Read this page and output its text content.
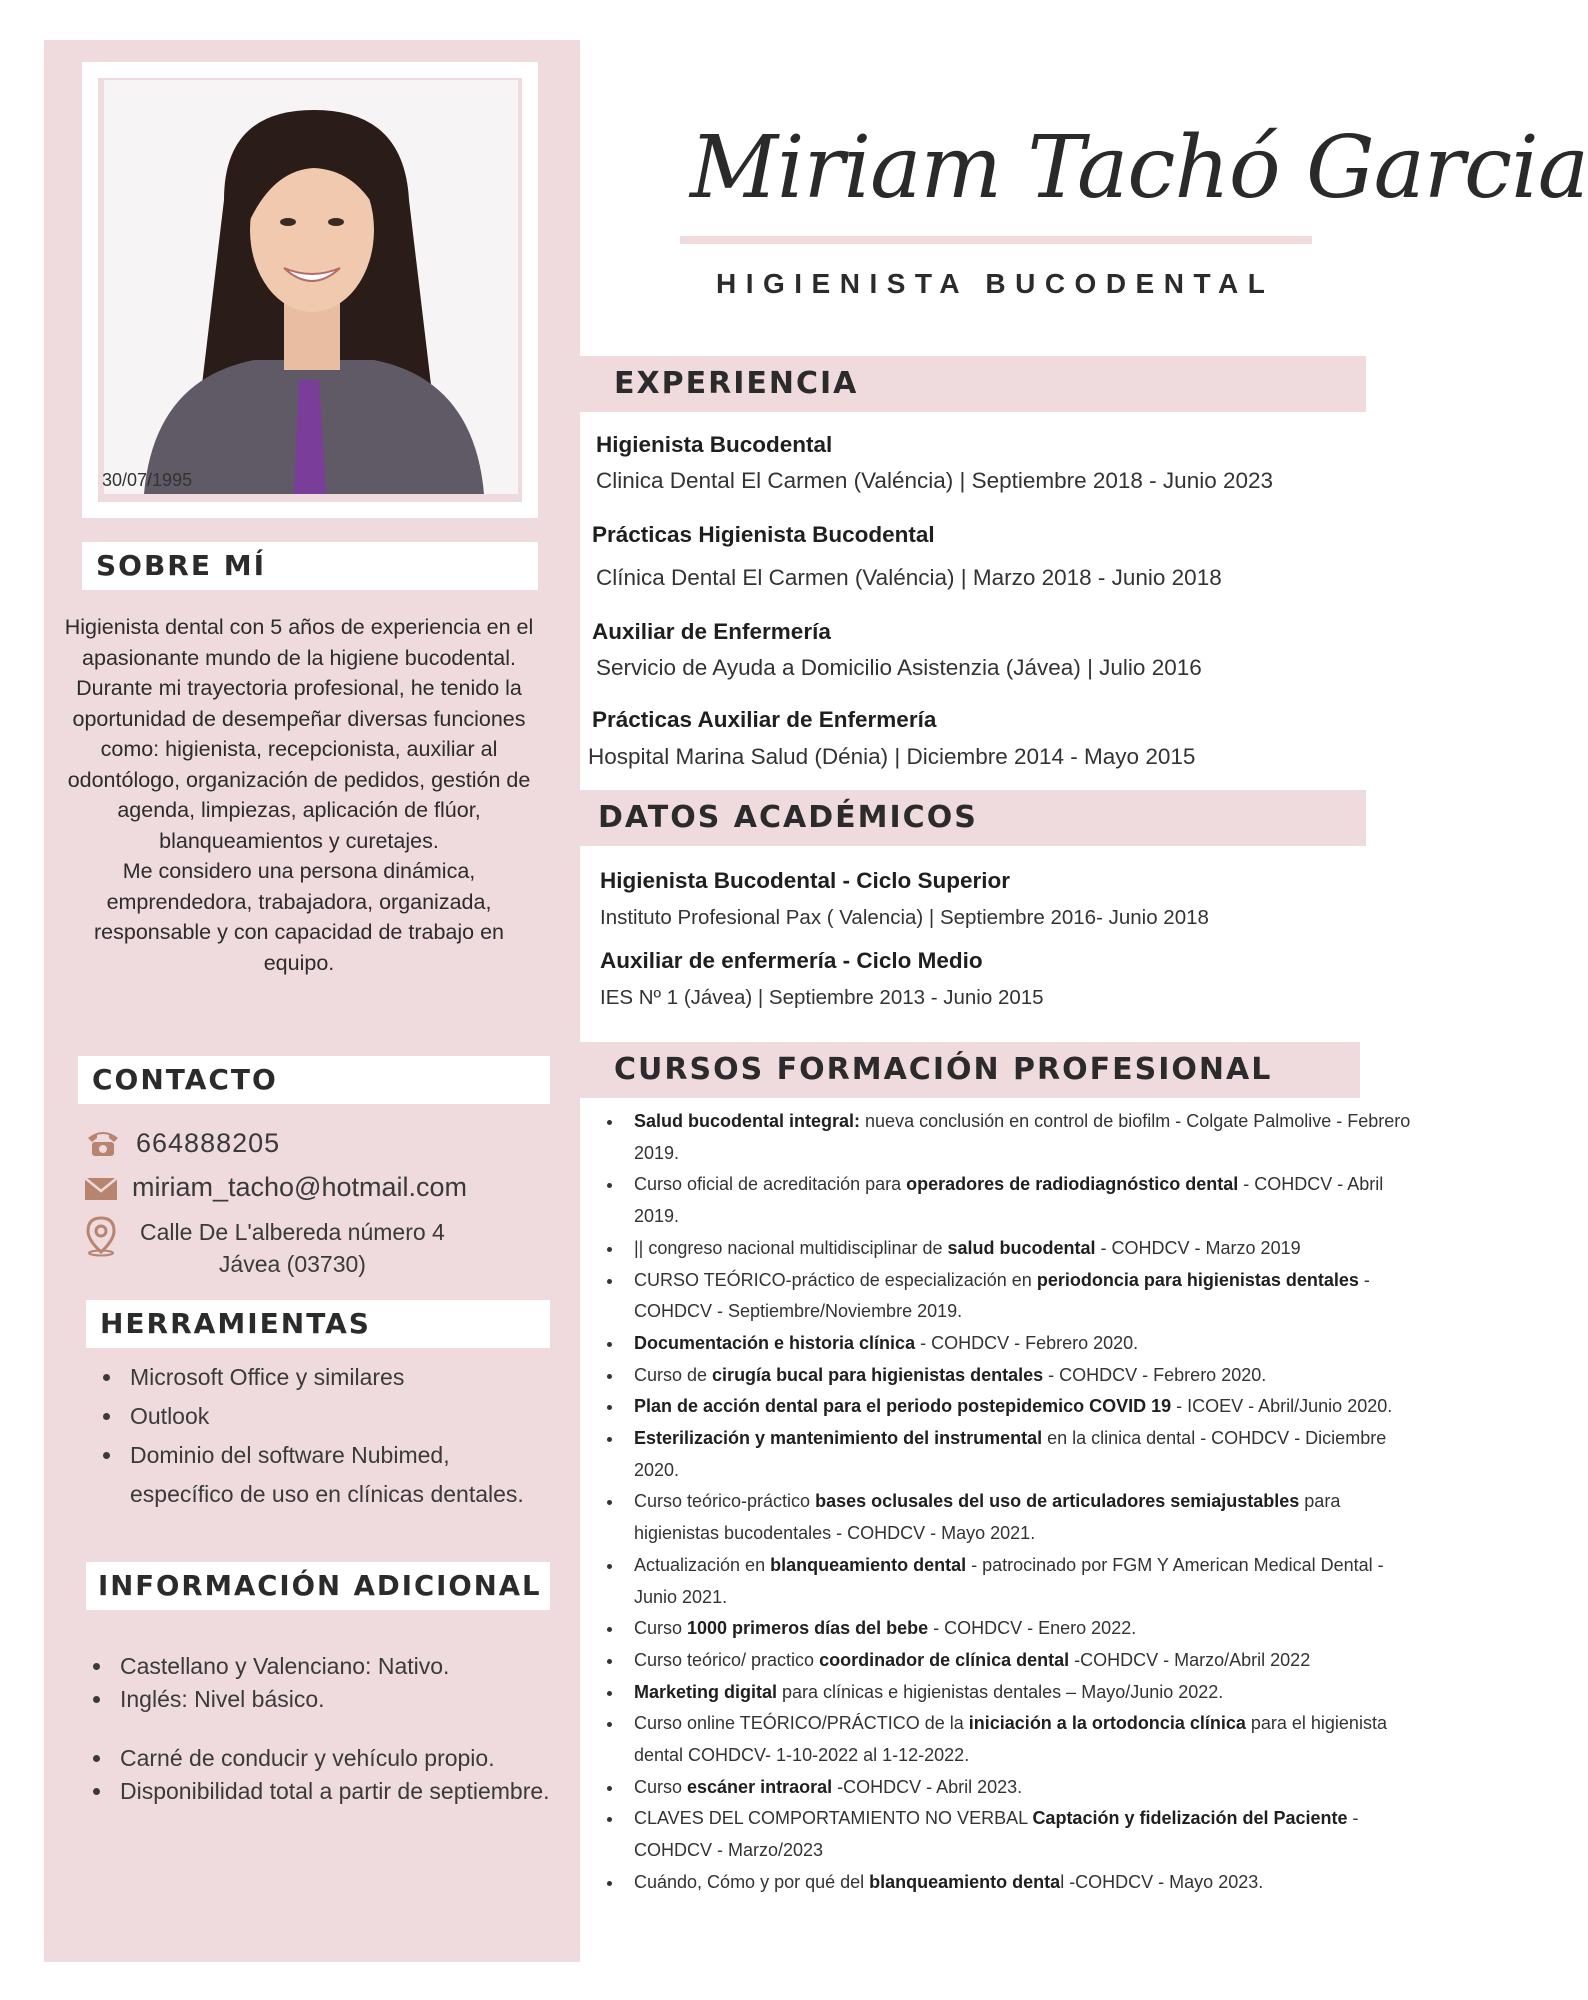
30/07/1995
SOBRE MÍ
Higienista dental con 5 años de experiencia en el apasionante mundo de la higiene bucodental.
Durante mi trayectoria profesional, he tenido la oportunidad de desempeñar diversas funciones como: higienista, recepcionista, auxiliar al odontólogo, organización de pedidos, gestión de agenda, limpiezas, aplicación de flúor, blanqueamientos y curetajes.
Me considero una persona dinámica, emprendedora, trabajadora, organizada, responsable y con capacidad de trabajo en equipo.
CONTACTO
664888205
miriam_tacho@hotmail.com
Calle De L'albereda número 4
Jávea (03730)
HERRAMIENTAS
• Microsoft Office y similares
• Outlook
• Dominio del software Nubimed, específico de uso en clínicas dentales.
INFORMACIÓN ADICIONAL
• Castellano y Valenciano: Nativo.
• Inglés: Nivel básico.
• Carné de conducir y vehículo propio.
• Disponibilidad total a partir de septiembre.
Miriam Tachó Garcia
HIGIENISTA BUCODENTAL
EXPERIENCIA
Higienista Bucodental
Clinica Dental El Carmen (Valéncia) | Septiembre 2018 - Junio 2023
Prácticas Higienista Bucodental
Clínica Dental El Carmen (Valéncia) | Marzo 2018 - Junio 2018
Auxiliar de Enfermería
Servicio de Ayuda a Domicilio Asistenzia (Jávea) | Julio 2016
Prácticas Auxiliar de Enfermería
Hospital Marina Salud (Dénia) | Diciembre 2014 - Mayo 2015
DATOS ACADÉMICOS
Higienista Bucodental - Ciclo Superior
Instituto Profesional Pax ( Valencia) | Septiembre 2016- Junio 2018
Auxiliar de enfermería - Ciclo Medio
IES Nº 1 (Jávea) | Septiembre 2013 - Junio 2015
CURSOS FORMACIÓN PROFESIONAL
• Salud bucodental integral: nueva conclusión en control de biofilm - Colgate Palmolive - Febrero 2019.
• Curso oficial de acreditación para operadores de radiodiagnóstico dental - COHDCV - Abril 2019.
• || congreso nacional multidisciplinar de salud bucodental - COHDCV - Marzo 2019
• CURSO TEÓRICO-práctico de especialización en periodoncia para higienistas dentales - COHDCV - Septiembre/Noviembre 2019.
• Documentación e historia clínica - COHDCV - Febrero 2020.
• Curso de cirugía bucal para higienistas dentales - COHDCV - Febrero 2020.
• Plan de acción dental para el periodo postepidemico COVID 19 - ICOEV - Abril/Junio 2020.
• Esterilización y mantenimiento del instrumental en la clinica dental - COHDCV - Diciembre 2020.
• Curso teórico-práctico bases oclusales del uso de articuladores semiajustables para higienistas bucodentales - COHDCV - Mayo 2021.
• Actualización en blanqueamiento dental - patrocinado por FGM Y American Medical Dental - Junio 2021.
• Curso 1000 primeros días del bebe - COHDCV - Enero 2022.
• Curso teórico/ practico coordinador de clínica dental -COHDCV - Marzo/Abril 2022
• Marketing digital para clínicas e higienistas dentales – Mayo/Junio 2022.
• Curso online TEÓRICO/PRÁCTICO de la iniciación a la ortodoncia clínica para el higienista dental COHDCV- 1-10-2022 al 1-12-2022.
• Curso escáner intraoral -COHDCV - Abril 2023.
• CLAVES DEL COMPORTAMIENTO NO VERBAL Captación y fidelización del Paciente -COHDCV - Marzo/2023
• Cuándo, Cómo y por qué del blanqueamiento dental -COHDCV - Mayo 2023.
